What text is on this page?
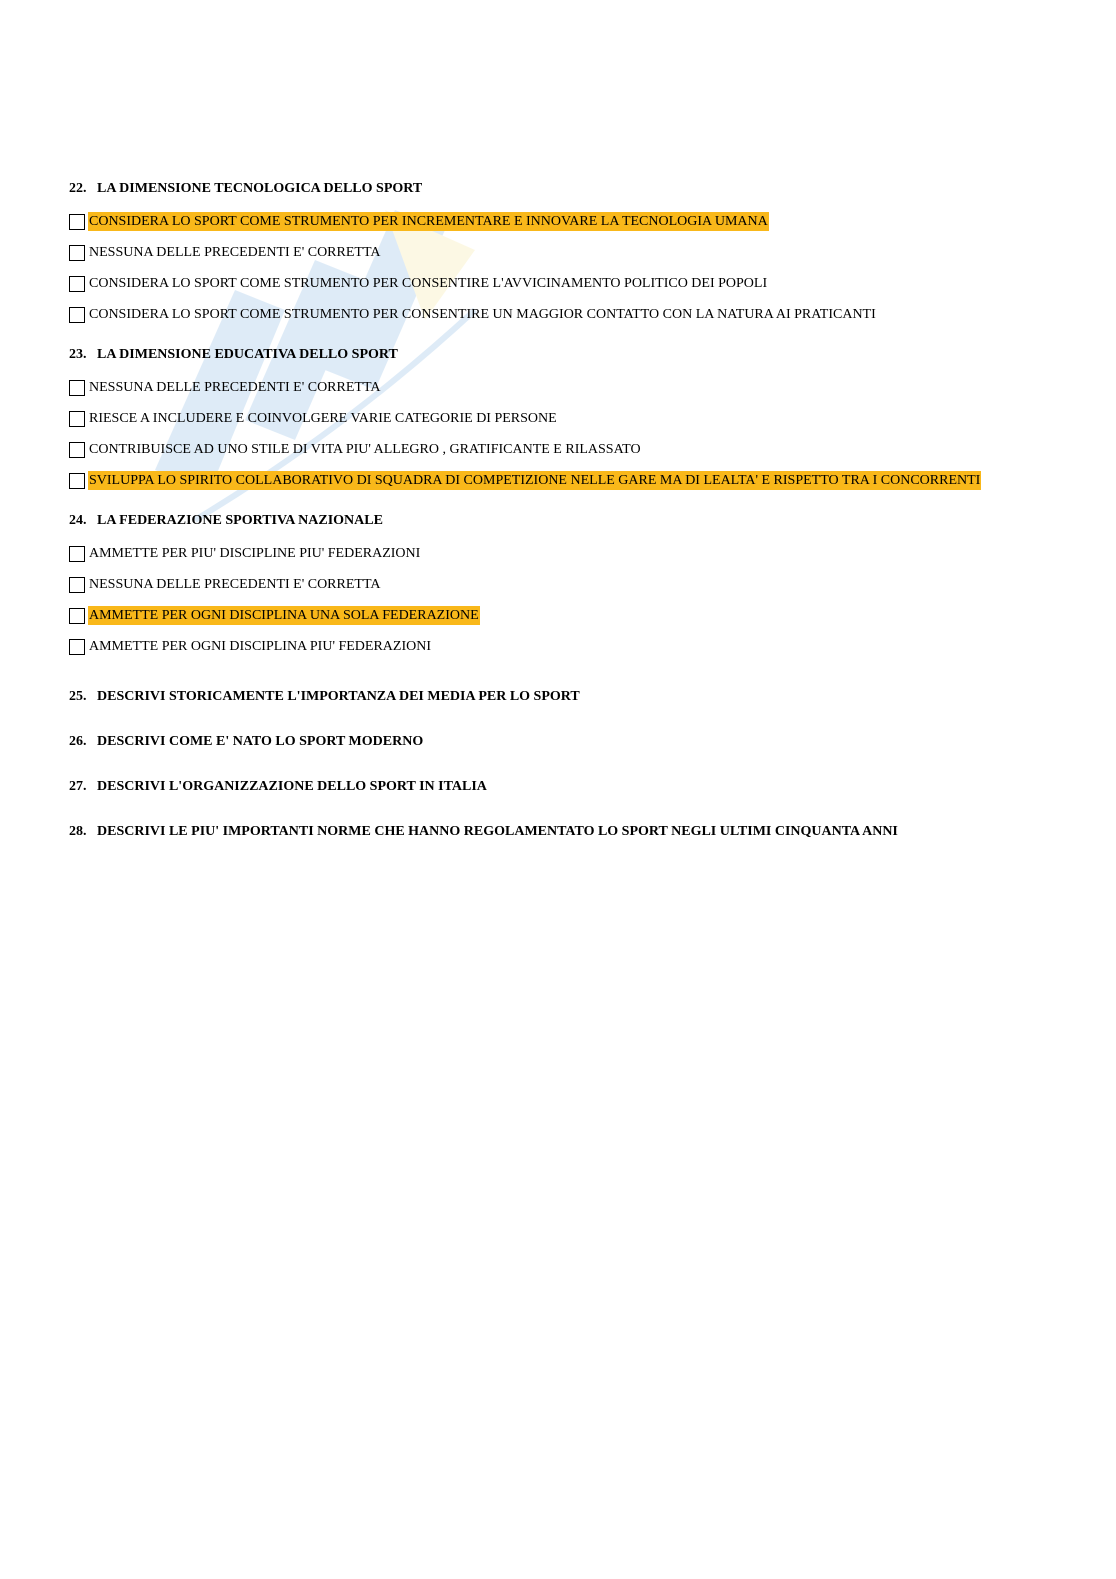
22. LA DIMENSIONE TECNOLOGICA DELLO SPORT
CONSIDERA LO SPORT COME STRUMENTO PER INCREMENTARE E INNOVARE LA TECNOLOGIA UMANA
NESSUNA DELLE PRECEDENTI E' CORRETTA
CONSIDERA LO SPORT COME STRUMENTO PER CONSENTIRE L'AVVICINAMENTO POLITICO DEI POPOLI
CONSIDERA LO SPORT COME STRUMENTO PER CONSENTIRE UN MAGGIOR CONTATTO CON LA NATURA AI PRATICANTI
23. LA DIMENSIONE EDUCATIVA DELLO SPORT
NESSUNA DELLE PRECEDENTI E' CORRETTA
RIESCE A INCLUDERE E COINVOLGERE VARIE CATEGORIE DI PERSONE
CONTRIBUISCE AD UNO STILE DI VITA PIU' ALLEGRO , GRATIFICANTE E RILASSATO
SVILUPPA LO SPIRITO COLLABORATIVO DI SQUADRA DI COMPETIZIONE NELLE GARE MA DI LEALTA' E RISPETTO TRA I CONCORRENTI
24. LA FEDERAZIONE SPORTIVA NAZIONALE
AMMETTE PER PIU' DISCIPLINE PIU' FEDERAZIONI
NESSUNA DELLE PRECEDENTI E' CORRETTA
AMMETTE PER OGNI DISCIPLINA UNA SOLA FEDERAZIONE
AMMETTE PER OGNI DISCIPLINA PIU' FEDERAZIONI
25. DESCRIVI STORICAMENTE L'IMPORTANZA DEI MEDIA PER LO SPORT
26. DESCRIVI COME E' NATO LO SPORT MODERNO
27. DESCRIVI L'ORGANIZZAZIONE DELLO SPORT IN ITALIA
28. DESCRIVI LE PIU' IMPORTANTI NORME CHE HANNO REGOLAMENTATO LO SPORT NEGLI ULTIMI CINQUANTA ANNI
